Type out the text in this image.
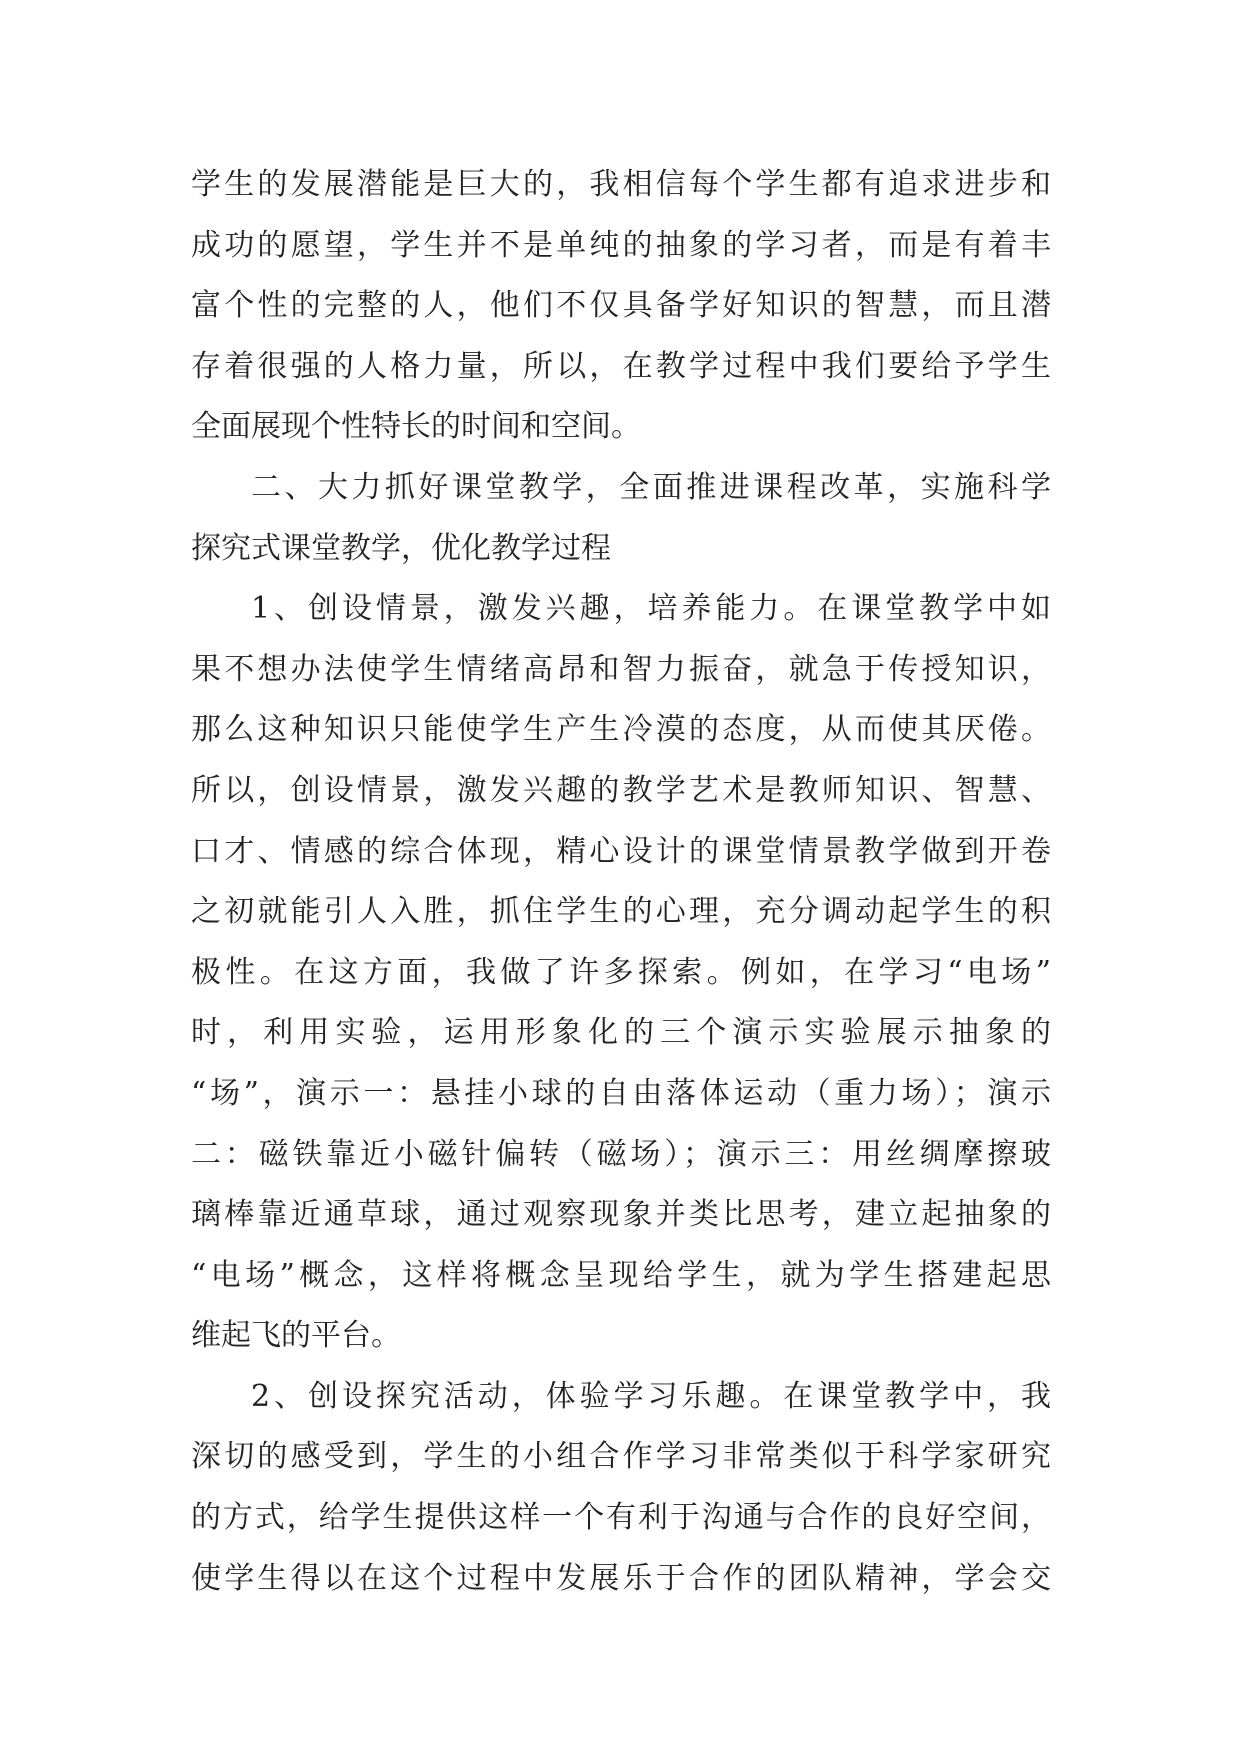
学生的发展潜能是巨大的，我相信每个学生都有追求进步和
成功的愿望，学生并不是单纯的抽象的学习者，而是有着丰
富个性的完整的人，他们不仅具备学好知识的智慧，而且潜
存着很强的人格力量，所以，在教学过程中我们要给予学生
全面展现个性特长的时间和空间。
二、大力抓好课堂教学，全面推进课程改革，实施科学
探究式课堂教学，优化教学过程
1、创设情景，激发兴趣，培养能力。在课堂教学中如
果不想办法使学生情绪高昂和智力振奋，就急于传授知识，
那么这种知识只能使学生产生冷漠的态度，从而使其厌倦。
所以，创设情景，激发兴趣的教学艺术是教师知识、智慧、
口才、情感的综合体现，精心设计的课堂情景教学做到开卷
之初就能引人入胜，抓住学生的心理，充分调动起学生的积
极性。在这方面，我做了许多探索。例如，在学习“电场”
时，利用实验，运用形象化的三个演示实验展示抽象的
“场”，演示一：悬挂小球的自由落体运动（重力场）；演示
二：磁铁靠近小磁针偏转（磁场）；演示三：用丝绸摩擦玻
璃棒靠近通草球，通过观察现象并类比思考，建立起抽象的
“电场”概念，这样将概念呈现给学生，就为学生搭建起思
维起飞的平台。
2、创设探究活动，体验学习乐趣。在课堂教学中，我
深切的感受到，学生的小组合作学习非常类似于科学家研究
的方式，给学生提供这样一个有利于沟通与合作的良好空间，
使学生得以在这个过程中发展乐于合作的团队精神，学会交
